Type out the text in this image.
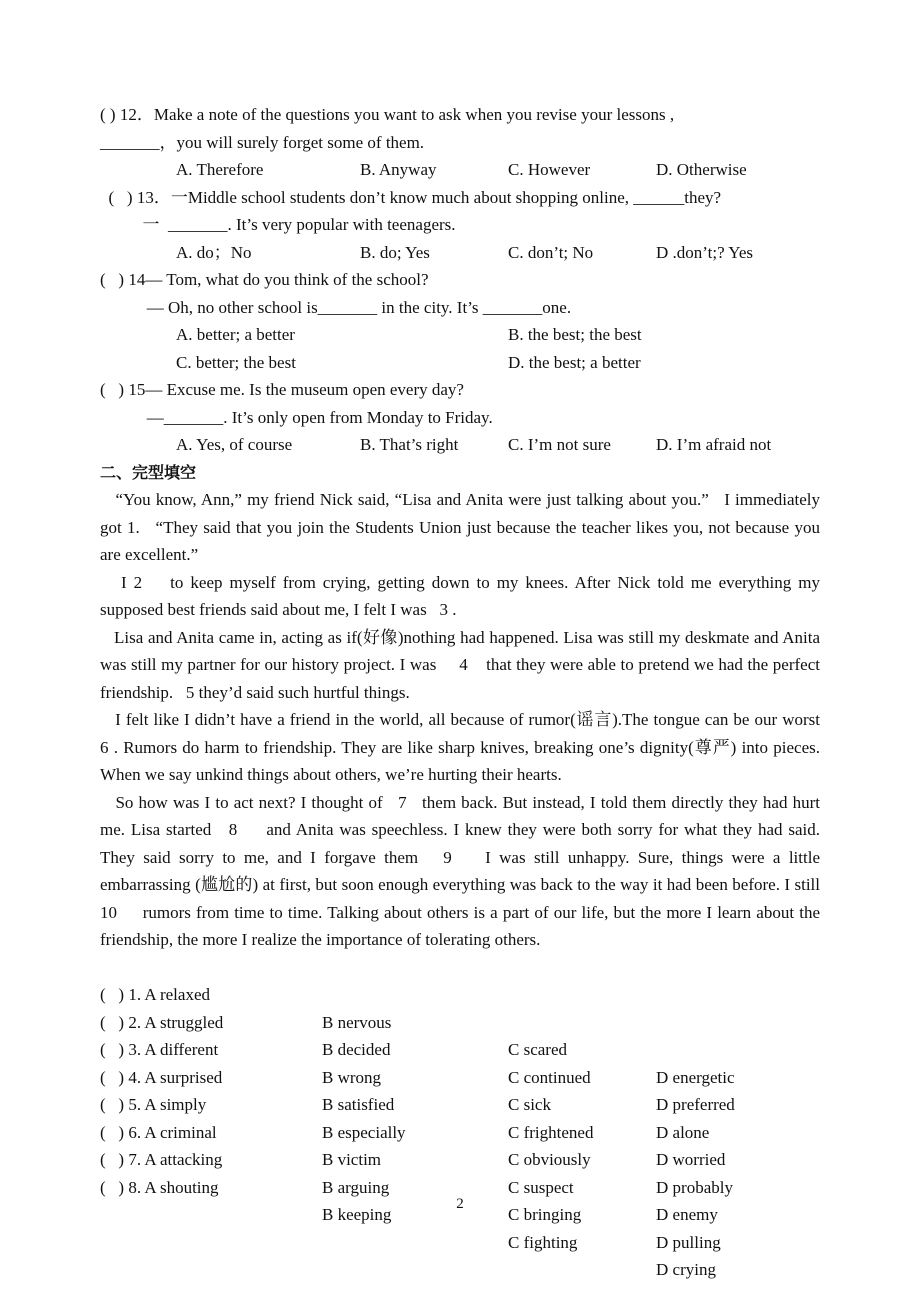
( ) 12．Make a note of the questions you want to ask when you revise your lessons ,
_______，you will surely forget some of them.
A. Therefore	B. Anyway	C. However	D. Otherwise
(   ) 13．一Middle school students don’t know much about shopping online, ______they?
一  _______. It’s very popular with teenagers.
A. do；No	B. do; Yes	C. don’t; No	D .don’t;? Yes
(   ) 14— Tom, what do you think of the school?
— Oh, no other school is_______ in the city. It’s _______one.
A. better; a better	B. the best; the best
C. better; the best	D. the best; a better
(   ) 15— Excuse me. Is the museum open every day?
—_______. It’s only open from Monday to Friday.
A. Yes, of course	B. That’s right	C. I’m not sure	D. I’m afraid not
二、完型填空
“You know, Ann,” my friend Nick said, “Lisa and Anita were just talking about you.”   I immediately got 1.   “They said that you join the Students Union just because the teacher likes you, not because you are excellent.”
I 2    to keep myself from crying, getting down to my knees. After Nick told me everything my supposed best friends said about me, I felt I was   3 .
Lisa and Anita came in, acting as if(好像)nothing had happened. Lisa was still my deskmate and Anita was still my partner for our history project. I was     4    that they were able to pretend we had the perfect friendship.   5 they’d said such hurtful things.
I felt like I didn’t have a friend in the world, all because of rumor(谣言).The tongue can be our worst   6 . Rumors do harm to friendship. They are like sharp knives, breaking one’s dignity(尊严) into pieces. When we say unkind things about others, we’re hurting their hearts.
So how was I to act next? I thought of   7   them back. But instead, I told them directly they had hurt me. Lisa started   8     and Anita was speechless. I knew they were both sorry for what they had said. They said sorry to me, and I forgave them   9    I was still unhappy. Sure, things were a little embarrassing (尴尬的) at first, but soon enough everything was back to the way it had been before. I still 10     rumors from time to time. Talking about others is a part of our life, but the more I learn about the friendship, the more I realize the importance of tolerating others.

(   ) 1. A relaxed

B nervous

C scared

D energetic

(   ) 2. A struggled

B decided

C continued

D preferred

(   ) 3. A different

B wrong

C sick

D alone

(   ) 4. A surprised

B satisfied

C frightened

D worried

(   ) 5. A simply

B especially

C obviously

D probably

(   ) 6. A criminal

B victim

C suspect

D enemy

(   ) 7. A attacking

B arguing

C bringing

D pulling

(   ) 8. A shouting

B keeping

C fighting

D crying

2
